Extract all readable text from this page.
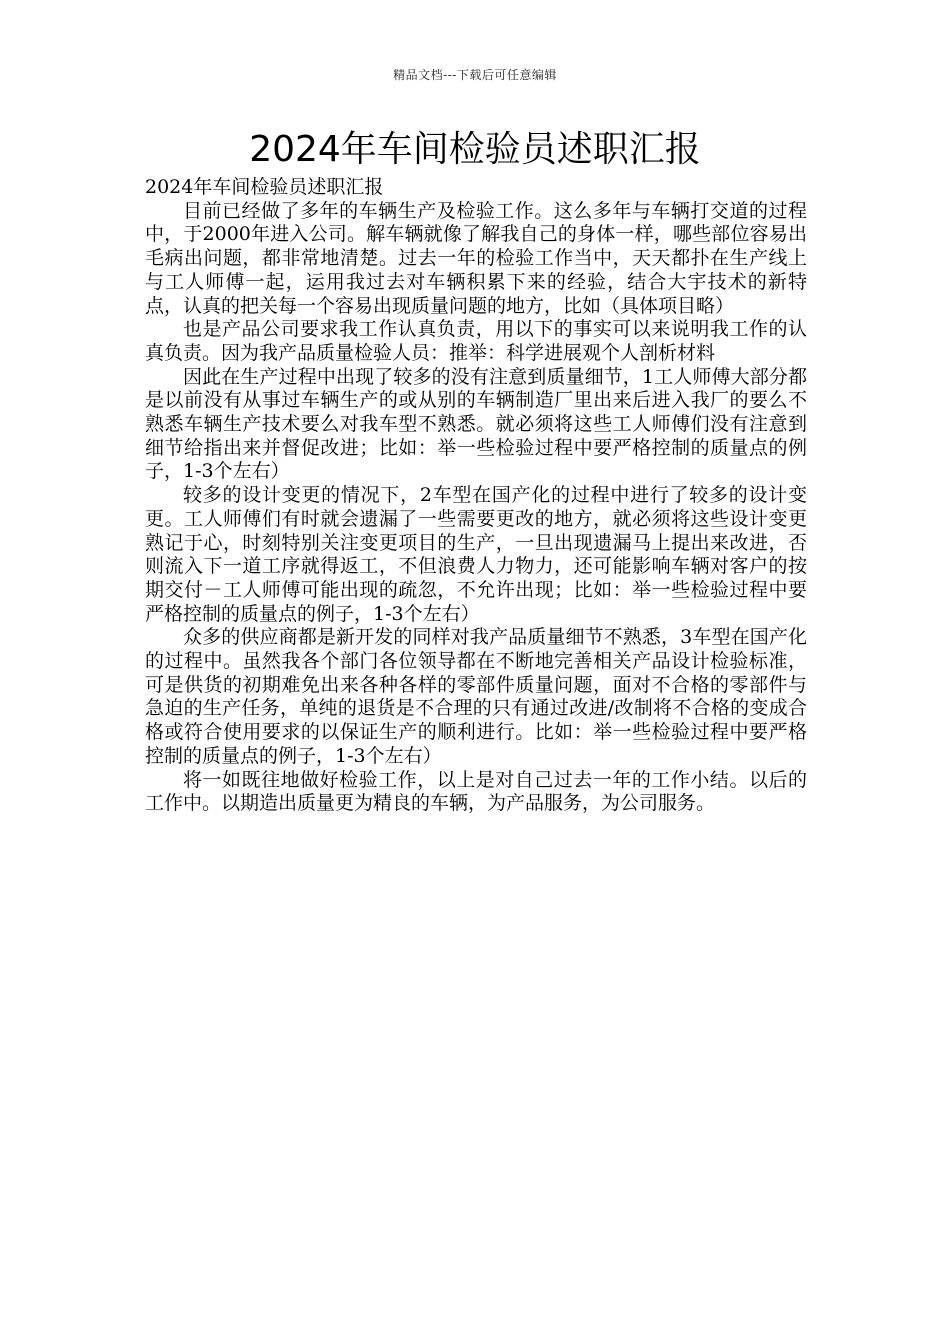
精品文档---下载后可任意编辑
2024年车间检验员述职汇报

2024年车间检验员述职汇报

目前已经做了多年的车辆生产及检验工作。这么多年与车辆打交道的过程中，于2000年进入公司。解车辆就像了解我自己的身体一样，哪些部位容易出毛病出问题，都非常地清楚。过去一年的检验工作当中，天天都扑在生产线上与工人师傅一起，运用我过去对车辆积累下来的经验，结合大宇技术的新特点，认真的把关每一个容易出现质量问题的地方，比如（具体项目略）

也是产品公司要求我工作认真负责，用以下的事实可以来说明我工作的认真负责。因为我产品质量检验人员：推举：科学进展观个人剖析材料

因此在生产过程中出现了较多的没有注意到质量细节，1工人师傅大部分都是以前没有从事过车辆生产的或从别的车辆制造厂里出来后进入我厂的要么不熟悉车辆生产技术要么对我车型不熟悉。就必须将这些工人师傅们没有注意到细节给指出来并督促改进；比如：举一些检验过程中要严格控制的质量点的例子，1-3个左右）

较多的设计变更的情况下，2车型在国产化的过程中进行了较多的设计变更。工人师傅们有时就会遗漏了一些需要更改的地方，就必须将这些设计变更熟记于心，时刻特别关注变更项目的生产，一旦出现遗漏马上提出来改进，否则流入下一道工序就得返工，不但浪费人力物力，还可能影响车辆对客户的按期交付－工人师傅可能出现的疏忽，不允许出现；比如：举一些检验过程中要严格控制的质量点的例子，1-3个左右）

众多的供应商都是新开发的同样对我产品质量细节不熟悉，3车型在国产化的过程中。虽然我各个部门各位领导都在不断地完善相关产品设计检验标准，可是供货的初期难免出来各种各样的零部件质量问题，面对不合格的零部件与急迫的生产任务，单纯的退货是不合理的只有通过改进/改制将不合格的变成合格或符合使用要求的以保证生产的顺利进行。比如：举一些检验过程中要严格控制的质量点的例子，1-3个左右）

将一如既往地做好检验工作，以上是对自己过去一年的工作小结。以后的工作中。以期造出质量更为精良的车辆，为产品服务，为公司服务。
